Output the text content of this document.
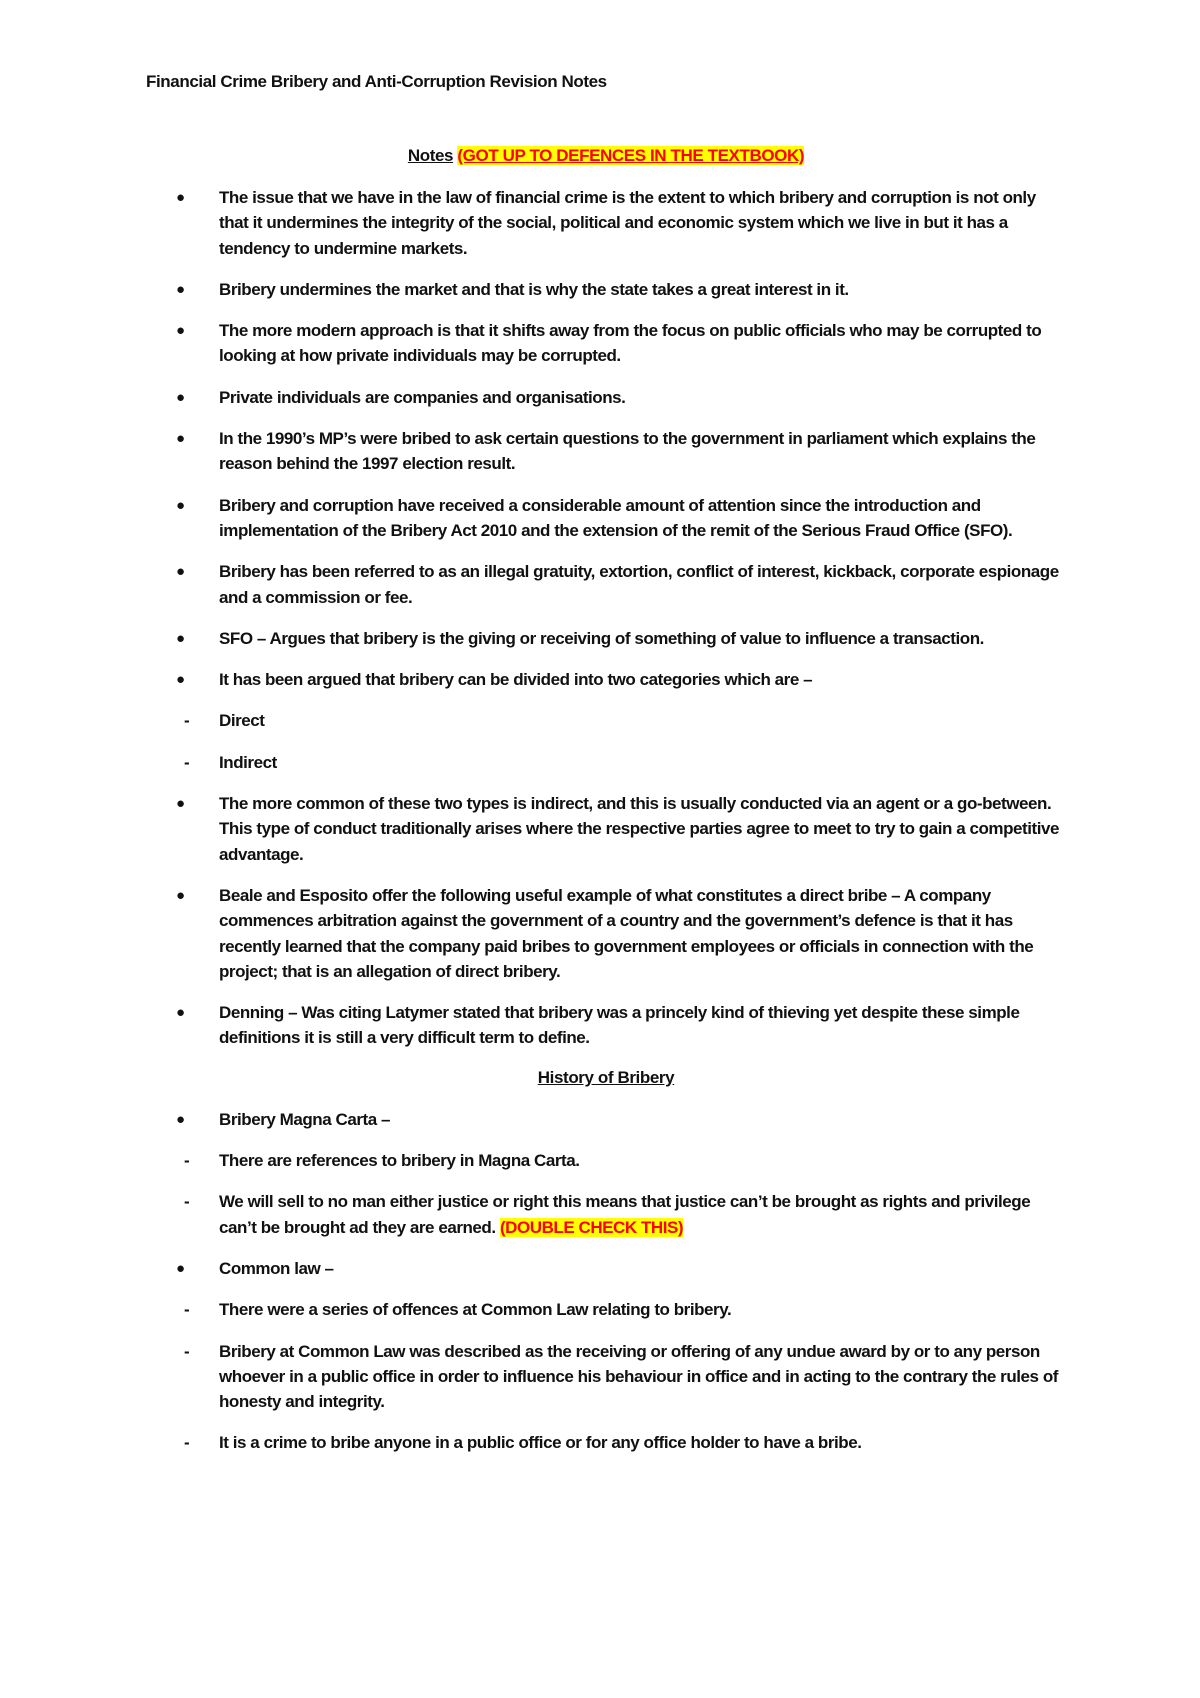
Financial Crime Bribery and Anti-Corruption Revision Notes
Notes (GOT UP TO DEFENCES IN THE TEXTBOOK)
●	The issue that we have in the law of financial crime is the extent to which bribery and corruption is not only that it undermines the integrity of the social, political and economic system which we live in but it has a tendency to undermine markets.
●	Bribery undermines the market and that is why the state takes a great interest in it.
●	The more modern approach is that it shifts away from the focus on public officials who may be corrupted to looking at how private individuals may be corrupted.
●	Private individuals are companies and organisations.
●	In the 1990’s MP’s were bribed to ask certain questions to the government in parliament which explains the reason behind the 1997 election result.
●	Bribery and corruption have received a considerable amount of attention since the introduction and implementation of the Bribery Act 2010 and the extension of the remit of the Serious Fraud Office (SFO).
●	Bribery has been referred to as an illegal gratuity, extortion, conflict of interest, kickback, corporate espionage and a commission or fee.
●	SFO – Argues that bribery is the giving or receiving of something of value to influence a transaction.
●	It has been argued that bribery can be divided into two categories which are –
-	Direct
-	Indirect
●	The more common of these two types is indirect, and this is usually conducted via an agent or a go-between. This type of conduct traditionally arises where the respective parties agree to meet to try to gain a competitive advantage.
●	Beale and Esposito offer the following useful example of what constitutes a direct bribe – A company commences arbitration against the government of a country and the government’s defence is that it has recently learned that the company paid bribes to government employees or officials in connection with the project; that is an allegation of direct bribery.
●	Denning – Was citing Latymer stated that bribery was a princely kind of thieving yet despite these simple definitions it is still a very difficult term to define.
History of Bribery
●	Bribery Magna Carta –
-	There are references to bribery in Magna Carta.
-	We will sell to no man either justice or right this means that justice can’t be brought as rights and privilege can’t be brought ad they are earned. (DOUBLE CHECK THIS)
●	Common law –
-	There were a series of offences at Common Law relating to bribery.
-	Bribery at Common Law was described as the receiving or offering of any undue award by or to any person whoever in a public office in order to influence his behaviour in office and in acting to the contrary the rules of honesty and integrity.
-	It is a crime to bribe anyone in a public office or for any office holder to have a bribe.
